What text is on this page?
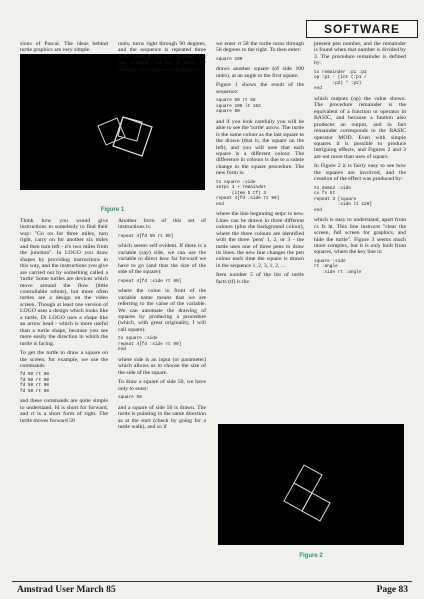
SOFTWARE
Figure 1

sions of Pascal. The ideas behind turtle graphics are very simple.

Think how you would give instructions to somebody to find their way: "Go on for three miles, turn right, carry on for another six miles and then turn left - it's two miles from the junction". In LOGO you draw shapes by providing instructions in this way, and the instructions you give are carried out by something called a 'turtle' Some turtles are devices which move around the flow (little controllable robots), but more often turtles are a design on the video screen. Though at least one version of LOGO uses a design which looks like a turtle, Dr LOGO uses a shape like an arrow head - which is more useful than a turtle shape, because you see more easily the direction in which the turtle is facing.

To get the turtle to draw a square on the screen, for example, we use the commands

fd 50 rt 90
fd 50 rt 90
fd 50 rt 90
fd 50 rt 90

and these commands are quite simple to understand. fd is short for forward, and rt is a short form of right. The turtle moves forward 50

units, turns right through 90 degrees, and the sequence is repeated three more times. If you want to check this out, pretend you are a turtle by walking out a square on the ground.

Another form of this set of instructions is:

repeat 4[fd 50 rt 90]

which seems self evident. If there is a variable (say) side, we can use the variable to direct how far forward we have to go (and thus the size of the side of the square):

repeat 4[fd :side rt 90]

where the colon in front of the variable name means that we are referring to the value of the variable. We can automate the drawing of squares by producing a procedure (which, with great originality, I will call square).

to square :side
repeat 4[fd :side rt 90]
end

where side is an input (or parameter) which allows us to choose the size of the side of the square.

To draw a square of side 50, we have only to enter:

square 50

and a square of side 50 is drawn. The turtle is pointing in the same direction as at the start (check by going for a turtle walk), and so if

we enter rt 58 the turtle turns through 58 degrees to the right. To then enter:

square 100

draws another square (of side 100 units), at an angle to the first square.

Figure 1 shows the result of the sequence:

square 50 rt 58
square 100 lt 162
square 80

and if you look carefully you will be able to see the 'turtle' arrow. The turtle is the same colour as the last square to the drawn (that is, the square on the left), and you will note that each square is a different colour. The difference in colours is due to a subtle change in the square procedure. The new form is:

to square :side
setpc 1 + remainder
(item 5 tf) 3
repeat 4[fd :side rt 90]
end

where the line beginning setpc is new. Lines can be drawn in three different colours (plus the background colour), where the three colours are identified with the three 'pens' 1, 2, or 3 - the turtle uses one of three pens to draw its lines. the new line changes the pen colour each time the square is drawn in the sequence 1, 2, 3, 1, 2, ...

Item number 5 of the list of turtle facts (tf) is the

present pen number, and the remainder is found when that number is divided by 3. The procedure remainder is defined by:

to remainder :p1 :p2
op :p1 - (int (:p1 /
:p2) * :p2)
end

which outputs (op) the value shown. The procedure remainder is the equivalent of a function or operator in BASIC, and because a funtion also produces an output, and in fact remainder corresponds to the BASIC operator MOD. Even with simple squares it is possible to produce intriguing effects, and Figures 2 and 3 are not more than uses of square.

In Figure 2 it is fairly easy to see how the squares are involved, and the creation of the effect was produced by:

to demo2 :side
cs fs ht
repeat 3 [square
:side lt 120]
end

which is easy to understand, apart from cs fs ht. This line instructs "clear the screen, full screen for graphics, and hide the turtle". Figure 3 seems much more complex, but it is only built from squares, where the key line is:

square :side
rt :angle
:side rt :angle
Figure 2
Amstrad User March 85	Page 83
